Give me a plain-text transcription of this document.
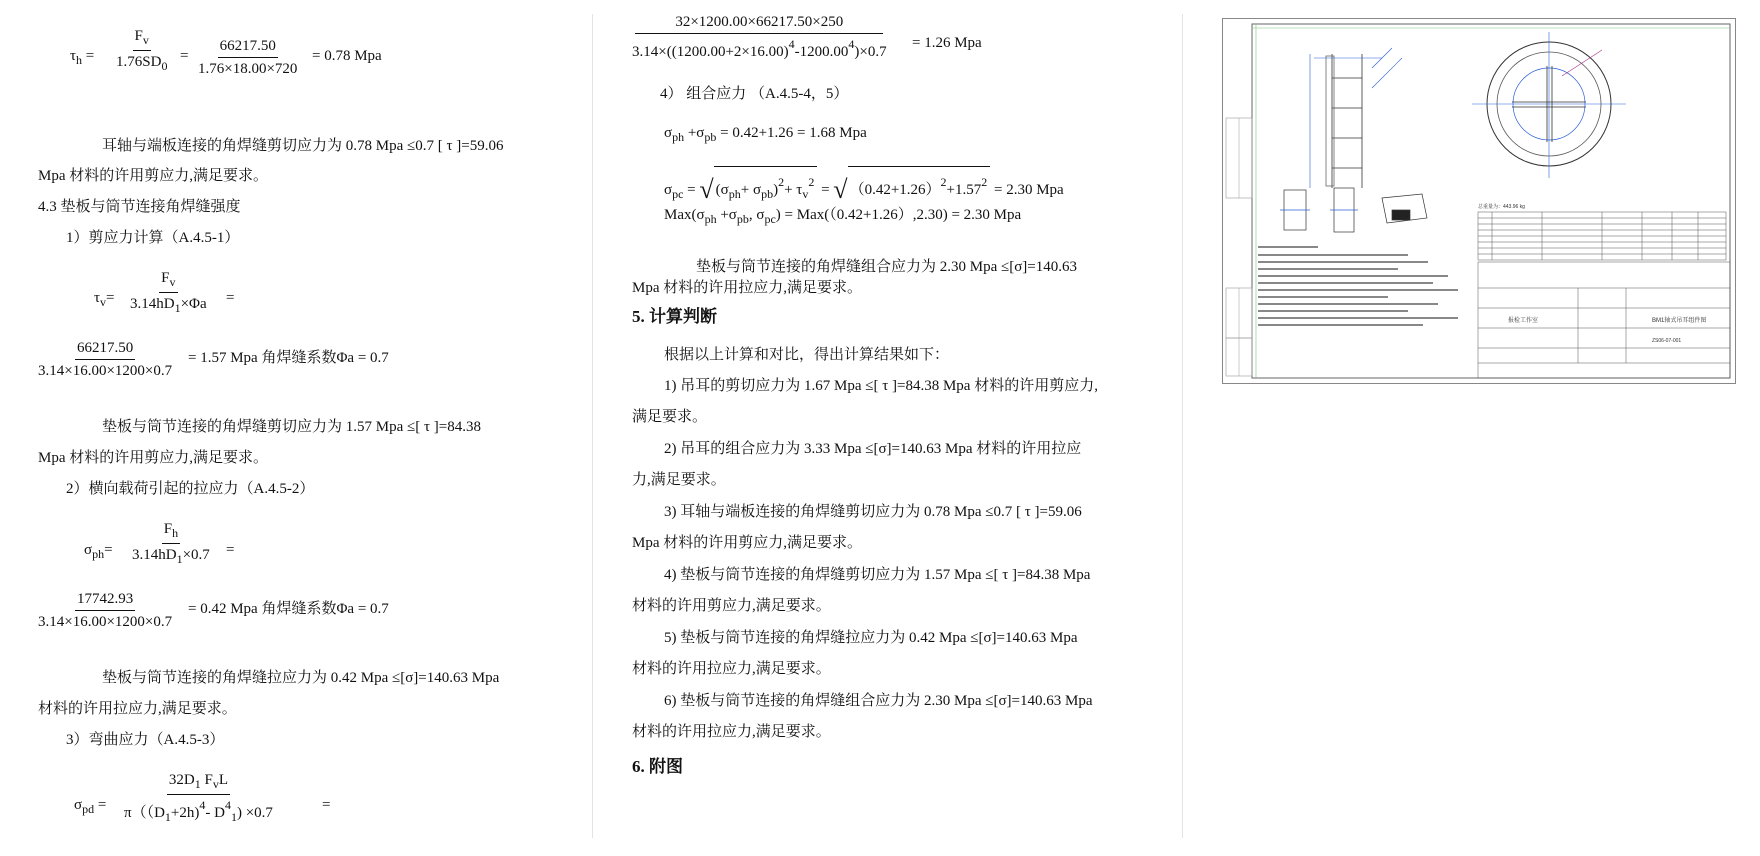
$\tau_h = \frac{F_v}{1.76SD_0} = \frac{66217.50}{1.76\times 18.00\times 720} = 0.78$ Mpa
耳轴与端板连接的角焊缝剪切应力为 0.78 Mpa ≤0.7 [ τ ]=59.06
Mpa 材料的许用剪应力,满足要求。
4.3 垫板与筒节连接角焊缝强度
1）剪应力计算（A.4.5-1）
$\tau_v= \frac{F_v}{3.14hD_1\times\Phi a}$ =
$\frac{66217.50}{3.14\times 16.00\times 1200\times 0.7} = 1.57$ Mpa 角焊缝系数Φa = 0.7
垫板与筒节连接的角焊缝剪切应力为 1.57 Mpa ≤[ τ ]=84.38
Mpa 材料的许用剪应力,满足要求。
2）横向载荷引起的拉应力（A.4.5-2）
$\sigma_{ph}= \frac{F_h}{3.14hD_1\times 0.7}$ =
$\frac{17742.93}{3.14\times 16.00\times 1200\times 0.7} = 0.42$ Mpa 角焊缝系数Φa = 0.7
垫板与筒节连接的角焊缝拉应力为 0.42 Mpa ≤[σ]=140.63 Mpa
材料的许用拉应力,满足要求。
3）弯曲应力（A.4.5-3）
$\sigma_{pd}$ =
$32D_1$ $F_vL$
$\pi((D_1+2h)^4-$ $D^4_1) \times 0.7$	=
$\frac{32\times 1200.00\times 66217.50\times 250}{3.14\times((1200.00+2\times 16.00)^4-1200.00^4)\times 0.7} = 1.26$ Mpa
4） 组合应力 （A.4.5-4，5）
$\sigma_{ph} +\sigma_{pb} = 0.42+1.26 = 1.68$ Mpa
$\sigma_{pc}$ = √ $(\sigma_{ph}+ \sigma_{pb})^2+ \tau_v^2$ = √ $(0.42+1.26)^2+1.57^2 = 2.30$ Mpa
$Max(\sigma_{ph} +\sigma_{pb}$, $\sigma_{pc}) = Max((0.42+1.26),2.30) = 2.30$ Mpa
垫板与筒节连接的角焊缝组合应力为 2.30 Mpa ≤[σ]=140.63
Mpa 材料的许用拉应力,满足要求。
5. 计算判断
根据以上计算和对比，得出计算结果如下：
1) 吊耳的剪切应力为 1.67 Mpa ≤[ τ ]=84.38 Mpa 材料的许用剪应力,
满足要求。
2) 吊耳的组合应力为 3.33 Mpa ≤[σ]=140.63 Mpa 材料的许用拉应
力,满足要求。
3) 耳轴与端板连接的角焊缝剪切应力为 0.78 Mpa ≤0.7 [ τ ]=59.06
Mpa 材料的许用剪应力,满足要求。
4) 垫板与筒节连接的角焊缝剪切应力为 1.57 Mpa ≤[ τ ]=84.38 Mpa
材料的许用剪应力,满足要求。
5) 垫板与筒节连接的角焊缝拉应力为 0.42 Mpa ≤[σ]=140.63 Mpa
材料的许用拉应力,满足要求。
6) 垫板与筒节连接的角焊缝组合应力为 2.30 Mpa ≤[σ]=140.63 Mpa
材料的许用拉应力,满足要求。
6. 附图
总重量为：443.96 kg
报检工作室	BM1轴式吊耳组件图
ZS06-07-001
